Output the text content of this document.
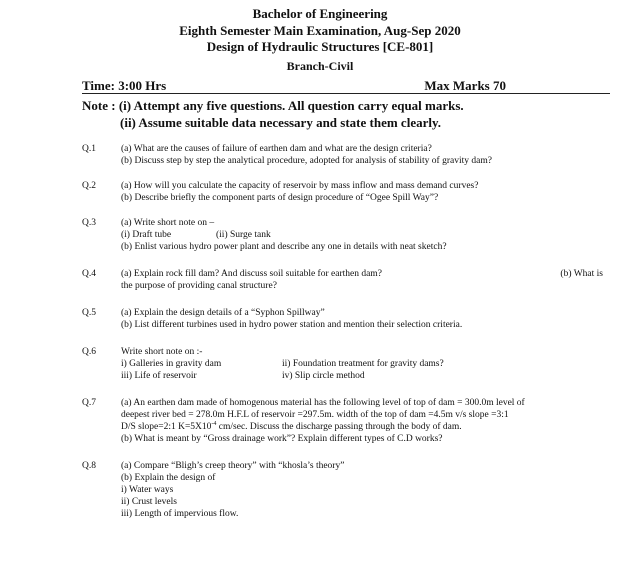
Bachelor of Engineering
Eighth Semester Main Examination, Aug-Sep 2020
Design of Hydraulic Structures [CE-801]
Branch-Civil
Time: 3:00 Hrs	Max Marks 70
Note : (i) Attempt any five questions. All question carry equal marks.
(ii) Assume suitable data necessary and state them clearly.
Q.1	(a) What are the causes of failure of earthen dam and what are the design criteria?
(b) Discuss step by step the analytical procedure, adopted for analysis of stability of gravity dam?
Q.2	(a) How will you calculate the capacity of reservoir by mass inflow and mass demand curves?
(b) Describe briefly the component parts of design procedure of “Ogee Spill Way”?
Q.3	(a) Write short note on –
(i) Draft tube	(ii) Surge tank
(b) Enlist various hydro power plant and describe any one in details with neat sketch?
Q.4	(a) Explain rock fill dam? And discuss soil suitable for earthen dam?	(b) What is
the purpose of providing canal structure?
Q.5	(a) Explain the design details of a “Syphon Spillway”
(b) List different turbines used in hydro power station and mention their selection criteria.
Q.6	Write short note on :-
i) Galleries in gravity dam	ii) Foundation treatment for gravity dams?
iii) Life of reservoir	iv) Slip circle method
Q.7	(a) An earthen dam made of homogenous material has the following level of top of dam = 300.0m level of
deepest river bed = 278.0m H.F.L of reservoir =297.5m. width of the top of dam =4.5m v/s slope =3:1
D/S slope=2:1 $K=5X10^{-4}$ cm/sec. Discuss the discharge passing through the body of dam.
(b) What is meant by “Gross drainage work”? Explain different types of C.D works?
Q.8	(a) Compare “Bligh’s creep theory” with “khosla’s theory”
(b) Explain the design of
i) Water ways
ii) Crust levels
iii) Length of impervious flow.
